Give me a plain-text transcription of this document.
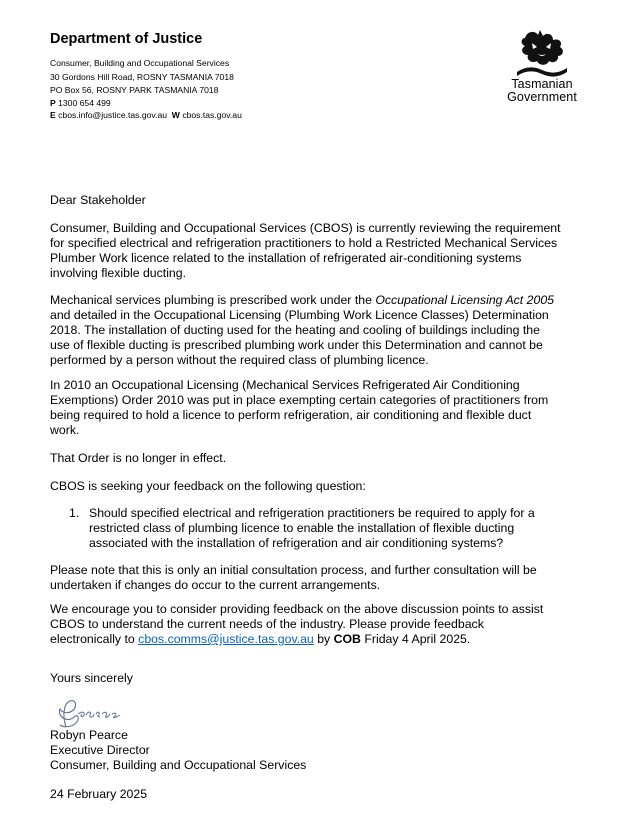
Department of Justice
Consumer, Building and Occupational Services
30 Gordons Hill Road, ROSNY TASMANIA 7018
PO Box 56, ROSNY PARK TASMANIA 7018
P 1300 654 499
E cbos.info@justice.tas.gov.au W cbos.tas.gov.au
Tasmanian
Government
Dear Stakeholder
Consumer, Building and Occupational Services (CBOS) is currently reviewing the requirement
for specified electrical and refrigeration practitioners to hold a Restricted Mechanical Services
Plumber Work licence related to the installation of refrigerated air-conditioning systems
involving flexible ducting.
Mechanical services plumbing is prescribed work under the Occupational Licensing Act 2005
and detailed in the Occupational Licensing (Plumbing Work Licence Classes) Determination
2018. The installation of ducting used for the heating and cooling of buildings including the
use of flexible ducting is prescribed plumbing work under this Determination and cannot be
performed by a person without the required class of plumbing licence.
In 2010 an Occupational Licensing (Mechanical Services Refrigerated Air Conditioning
Exemptions) Order 2010 was put in place exempting certain categories of practitioners from
being required to hold a licence to perform refrigeration, air conditioning and flexible duct
work.
That Order is no longer in effect.
CBOS is seeking your feedback on the following question:
1. Should specified electrical and refrigeration practitioners be required to apply for a
restricted class of plumbing licence to enable the installation of flexible ducting
associated with the installation of refrigeration and air conditioning systems?
Please note that this is only an initial consultation process, and further consultation will be
undertaken if changes do occur to the current arrangements.
We encourage you to consider providing feedback on the above discussion points to assist
CBOS to understand the current needs of the industry. Please provide feedback
electronically to cbos.comms@justice.tas.gov.au by COB Friday 4 April 2025.
Yours sincerely
Robyn Pearce
Executive Director
Consumer, Building and Occupational Services
24 February 2025
